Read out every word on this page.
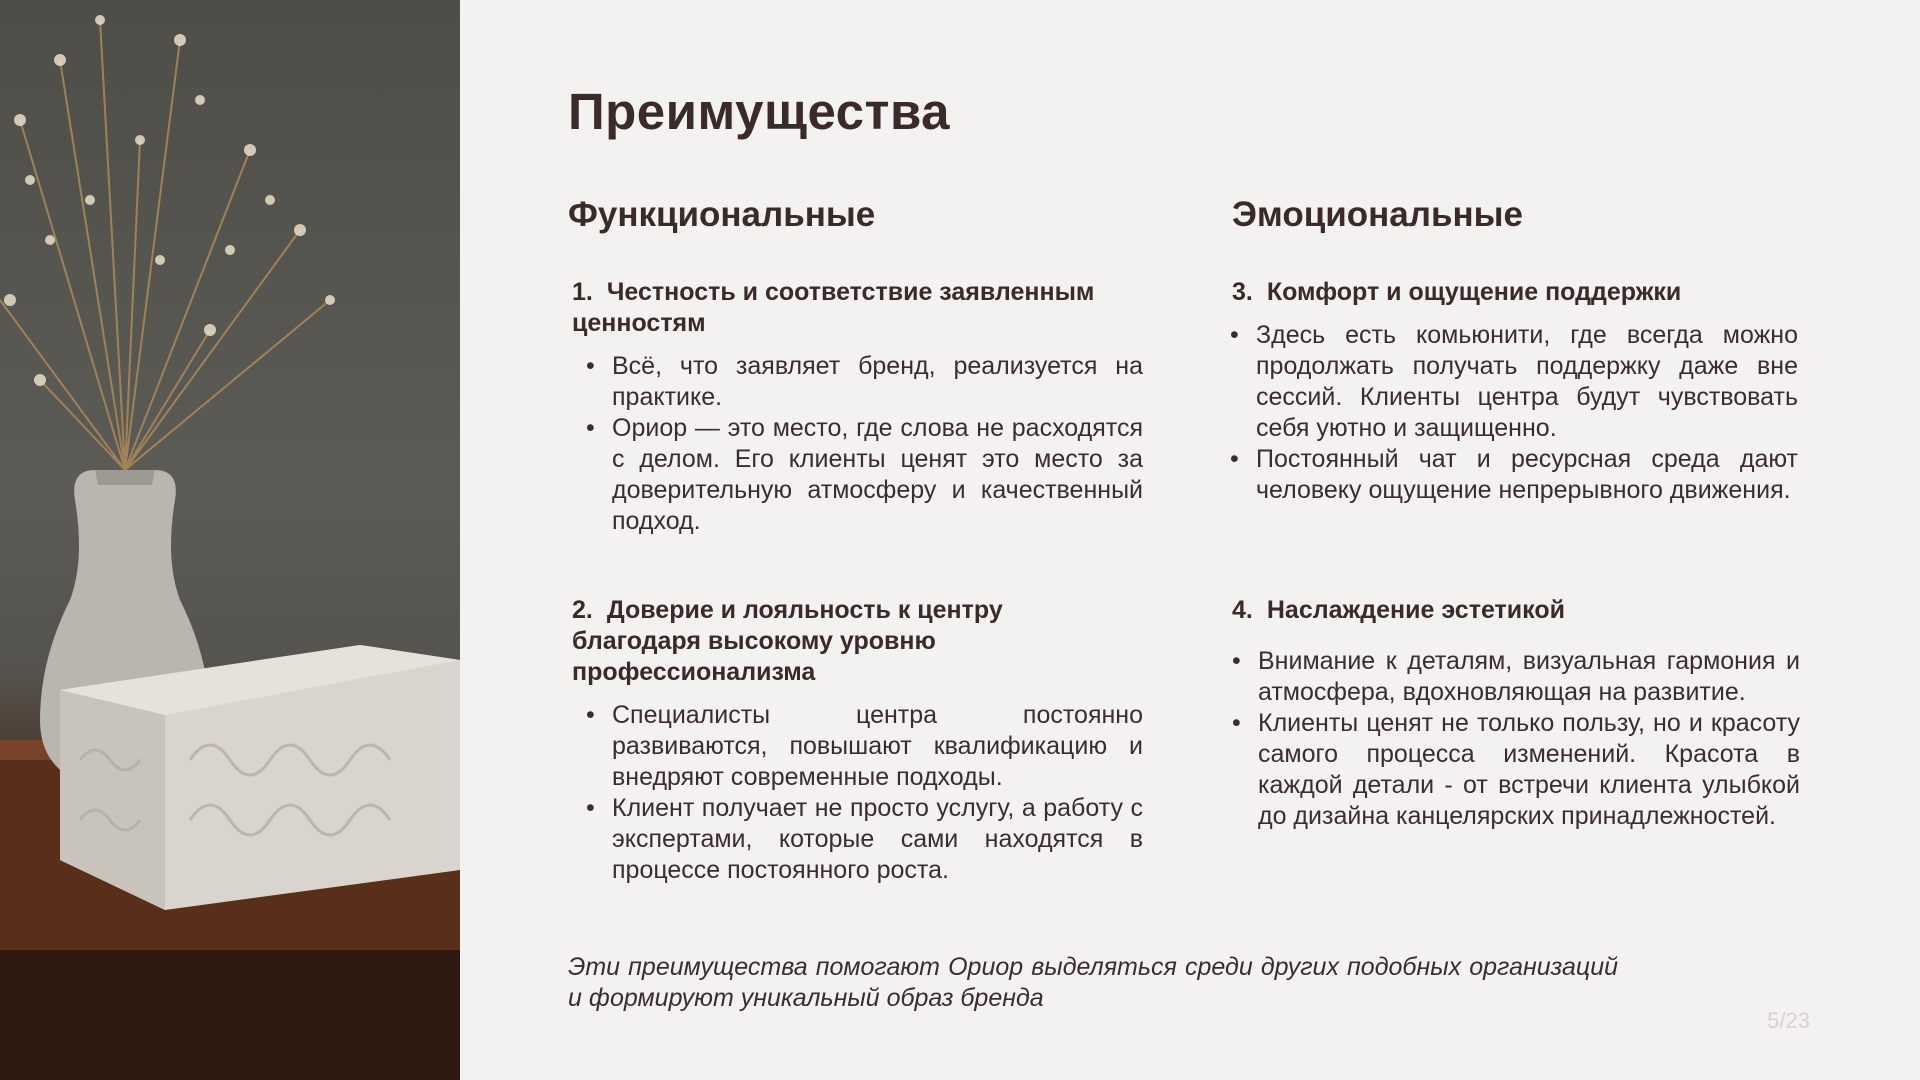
Преимущества
Функциональные
1. Честность и соответствие заявленным ценностям
• Всё, что заявляет бренд, реализуется на практике.
• Ориор — это место, где слова не расходятся с делом. Его клиенты ценят это место за доверительную атмосферу и качественный подход.
2. Доверие и лояльность к центру благодаря высокому уровню профессионализма
• Специалисты центра постоянно развиваются, повышают квалификацию и внедряют современные подходы.
• Клиент получает не просто услугу, а работу с экспертами, которые сами находятся в процессе постоянного роста.
Эмоциональные
3. Комфорт и ощущение поддержки
• Здесь есть комьюнити, где всегда можно продолжать получать поддержку даже вне сессий. Клиенты центра будут чувствовать себя уютно и защищенно.
• Постоянный чат и ресурсная среда дают человеку ощущение непрерывного движения.
4. Наслаждение эстетикой
• Внимание к деталям, визуальная гармония и атмосфера, вдохновляющая на развитие.
• Клиенты ценят не только пользу, но и красоту самого процесса изменений. Красота в каждой детали - от встречи клиента улыбкой до дизайна канцелярских принадлежностей.

Эти преимущества помогают Ориор выделяться среди других подобных организаций и формируют уникальный образ бренда

5/23
